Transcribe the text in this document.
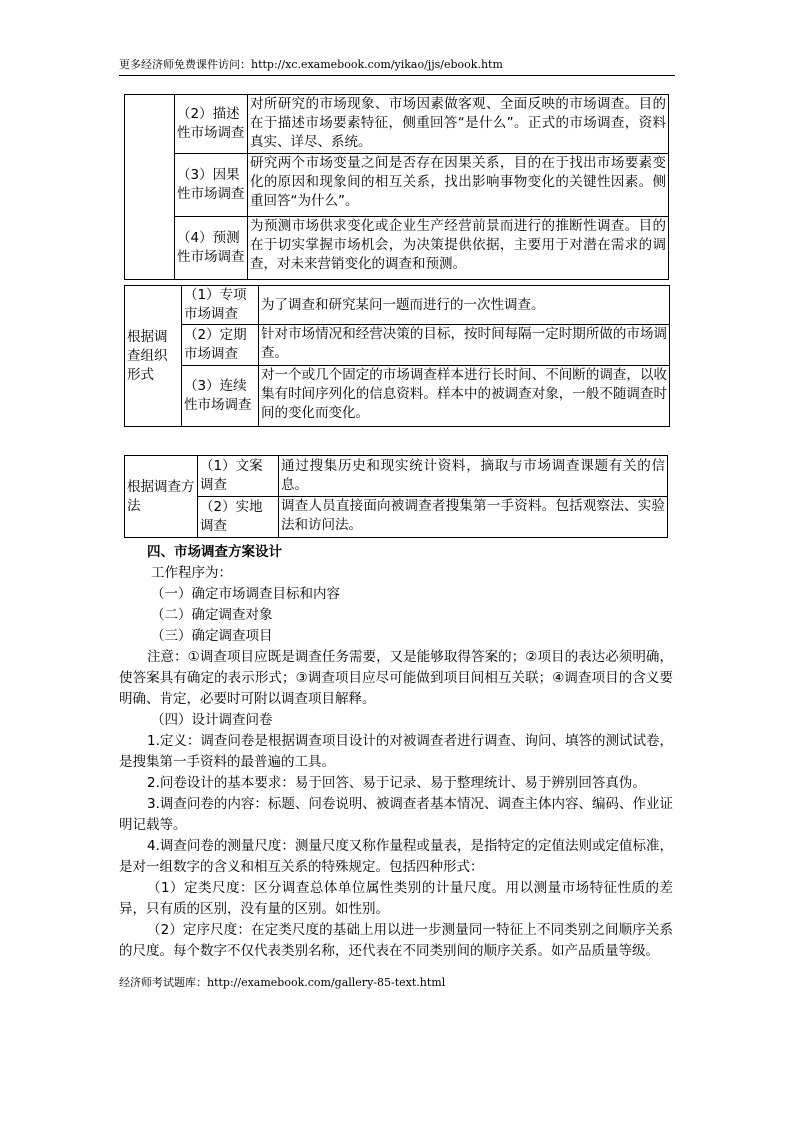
更多经济师免费课件访问：http://xc.examebook.com/yikao/jjs/ebook.htm
	（2）描述性市场调查	对所研究的市场现象、市场因素做客观、全面反映的市场调查。目的在于描述市场要素特征，侧重回答“是什么”。正式的市场调查，资料真实、详尽、系统。
	（3）因果性市场调查	研究两个市场变量之间是否存在因果关系，目的在于找出市场要素变化的原因和现象间的相互关系，找出影响事物变化的关键性因素。侧重回答“为什么”。
	（4）预测性市场调查	为预测市场供求变化或企业生产经营前景而进行的推断性调查。目的在于切实掌握市场机会，为决策提供依据，主要用于对潜在需求的调查，对未来营销变化的调查和预测。
根据调查组织形式	（1）专项市场调查	为了调查和研究某问一题而进行的一次性调查。
	（2）定期市场调查	针对市场情况和经营决策的目标，按时间每隔一定时期所做的市场调查。
	（3）连续性市场调查	对一个或几个固定的市场调查样本进行长时间、不间断的调查，以收集有时间序列化的信息资料。样本中的被调查对象，一般不随调查时间的变化而变化。
根据调查方法	（1）文案调查	通过搜集历史和现实统计资料，摘取与市场调查课题有关的信息。
	（2）实地调查	调查人员直接面向被调查者搜集第一手资料。包括观察法、实验法和访问法。

四、市场调查方案设计

工作程序为：

（一）确定市场调查目标和内容

（二）确定调查对象

（三）确定调查项目

注意：①调查项目应既是调查任务需要，又是能够取得答案的；②项目的表达必须明确，使答案具有确定的表示形式；③调查项目应尽可能做到项目间相互关联；④调查项目的含义要明确、肯定，必要时可附以调查项目解释。

（四）设计调查问卷

1.定义：调查问卷是根据调查项目设计的对被调查者进行调查、询问、填答的测试试卷，是搜集第一手资料的最普遍的工具。

2.问卷设计的基本要求：易于回答、易于记录、易于整理统计、易于辨别回答真伪。

3.调查问卷的内容：标题、问卷说明、被调查者基本情况、调查主体内容、编码、作业证明记载等。

4.调查问卷的测量尺度：测量尺度又称作量程或量表，是指特定的定值法则或定值标准，是对一组数字的含义和相互关系的特殊规定。包括四种形式：

（1）定类尺度：区分调查总体单位属性类别的计量尺度。用以测量市场特征性质的差异，只有质的区别，没有量的区别。如性别。

（2）定序尺度：在定类尺度的基础上用以进一步测量同一特征上不同类别之间顺序关系的尺度。每个数字不仅代表类别名称，还代表在不同类别间的顺序关系。如产品质量等级。

经济师考试题库：http://examebook.com/gallery-85-text.html
